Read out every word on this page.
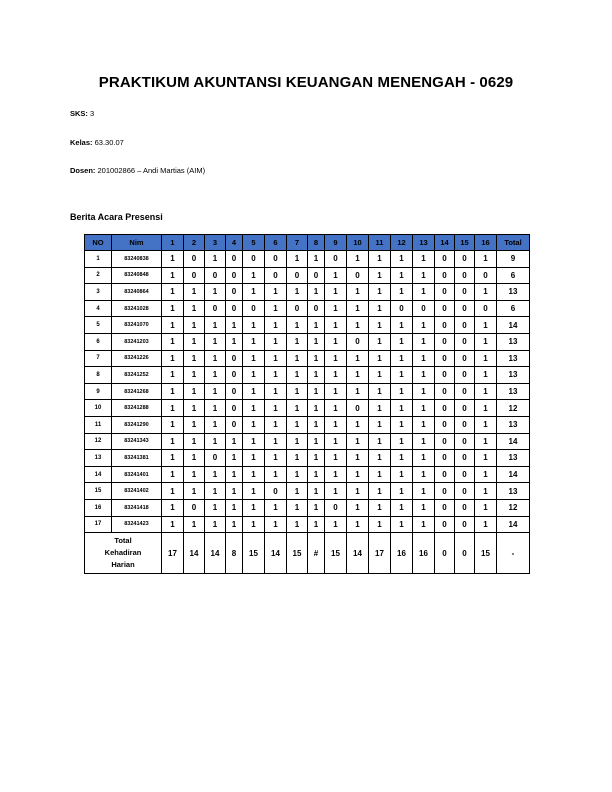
PRAKTIKUM AKUNTANSI KEUANGAN MENENGAH - 0629
SKS: 3
Kelas: 63.30.07
Dosen: 201002866 – Andi Martias (AIM)
Berita Acara Presensi
NO	Nim	1	2	3	4	5	6	7	8	9	10	11	12	13	14	15	16	Total
1	83240838	1	0	1	0	0	0	1	1	0	1	1	1	1	0	0	1	9
2	83240848	1	0	0	0	1	0	0	0	1	0	1	1	1	0	0	0	6
3	83240864	1	1	1	0	1	1	1	1	1	1	1	1	1	0	0	1	13
4	83241028	1	1	0	0	0	1	0	0	1	1	1	0	0	0	0	0	6
5	83241070	1	1	1	1	1	1	1	1	1	1	1	1	1	0	0	1	14
6	83241203	1	1	1	1	1	1	1	1	1	0	1	1	1	0	0	1	13
7	83241226	1	1	1	0	1	1	1	1	1	1	1	1	1	0	0	1	13
8	83241252	1	1	1	0	1	1	1	1	1	1	1	1	1	0	0	1	13
9	83241268	1	1	1	0	1	1	1	1	1	1	1	1	1	0	0	1	13
10	83241288	1	1	1	0	1	1	1	1	1	0	1	1	1	0	0	1	12
11	83241290	1	1	1	0	1	1	1	1	1	1	1	1	1	0	0	1	13
12	83241343	1	1	1	1	1	1	1	1	1	1	1	1	1	0	0	1	14
13	83241381	1	1	0	1	1	1	1	1	1	1	1	1	1	0	0	1	13
14	83241401	1	1	1	1	1	1	1	1	1	1	1	1	1	0	0	1	14
15	83241402	1	1	1	1	1	0	1	1	1	1	1	1	1	0	0	1	13
16	83241418	1	0	1	1	1	1	1	1	0	1	1	1	1	0	0	1	12
17	83241423	1	1	1	1	1	1	1	1	1	1	1	1	1	0	0	1	14

Total
Kehadiran
Harian		17	14	14	8	15	14	15	#	15	14	17	16	16	0	0	15	-
